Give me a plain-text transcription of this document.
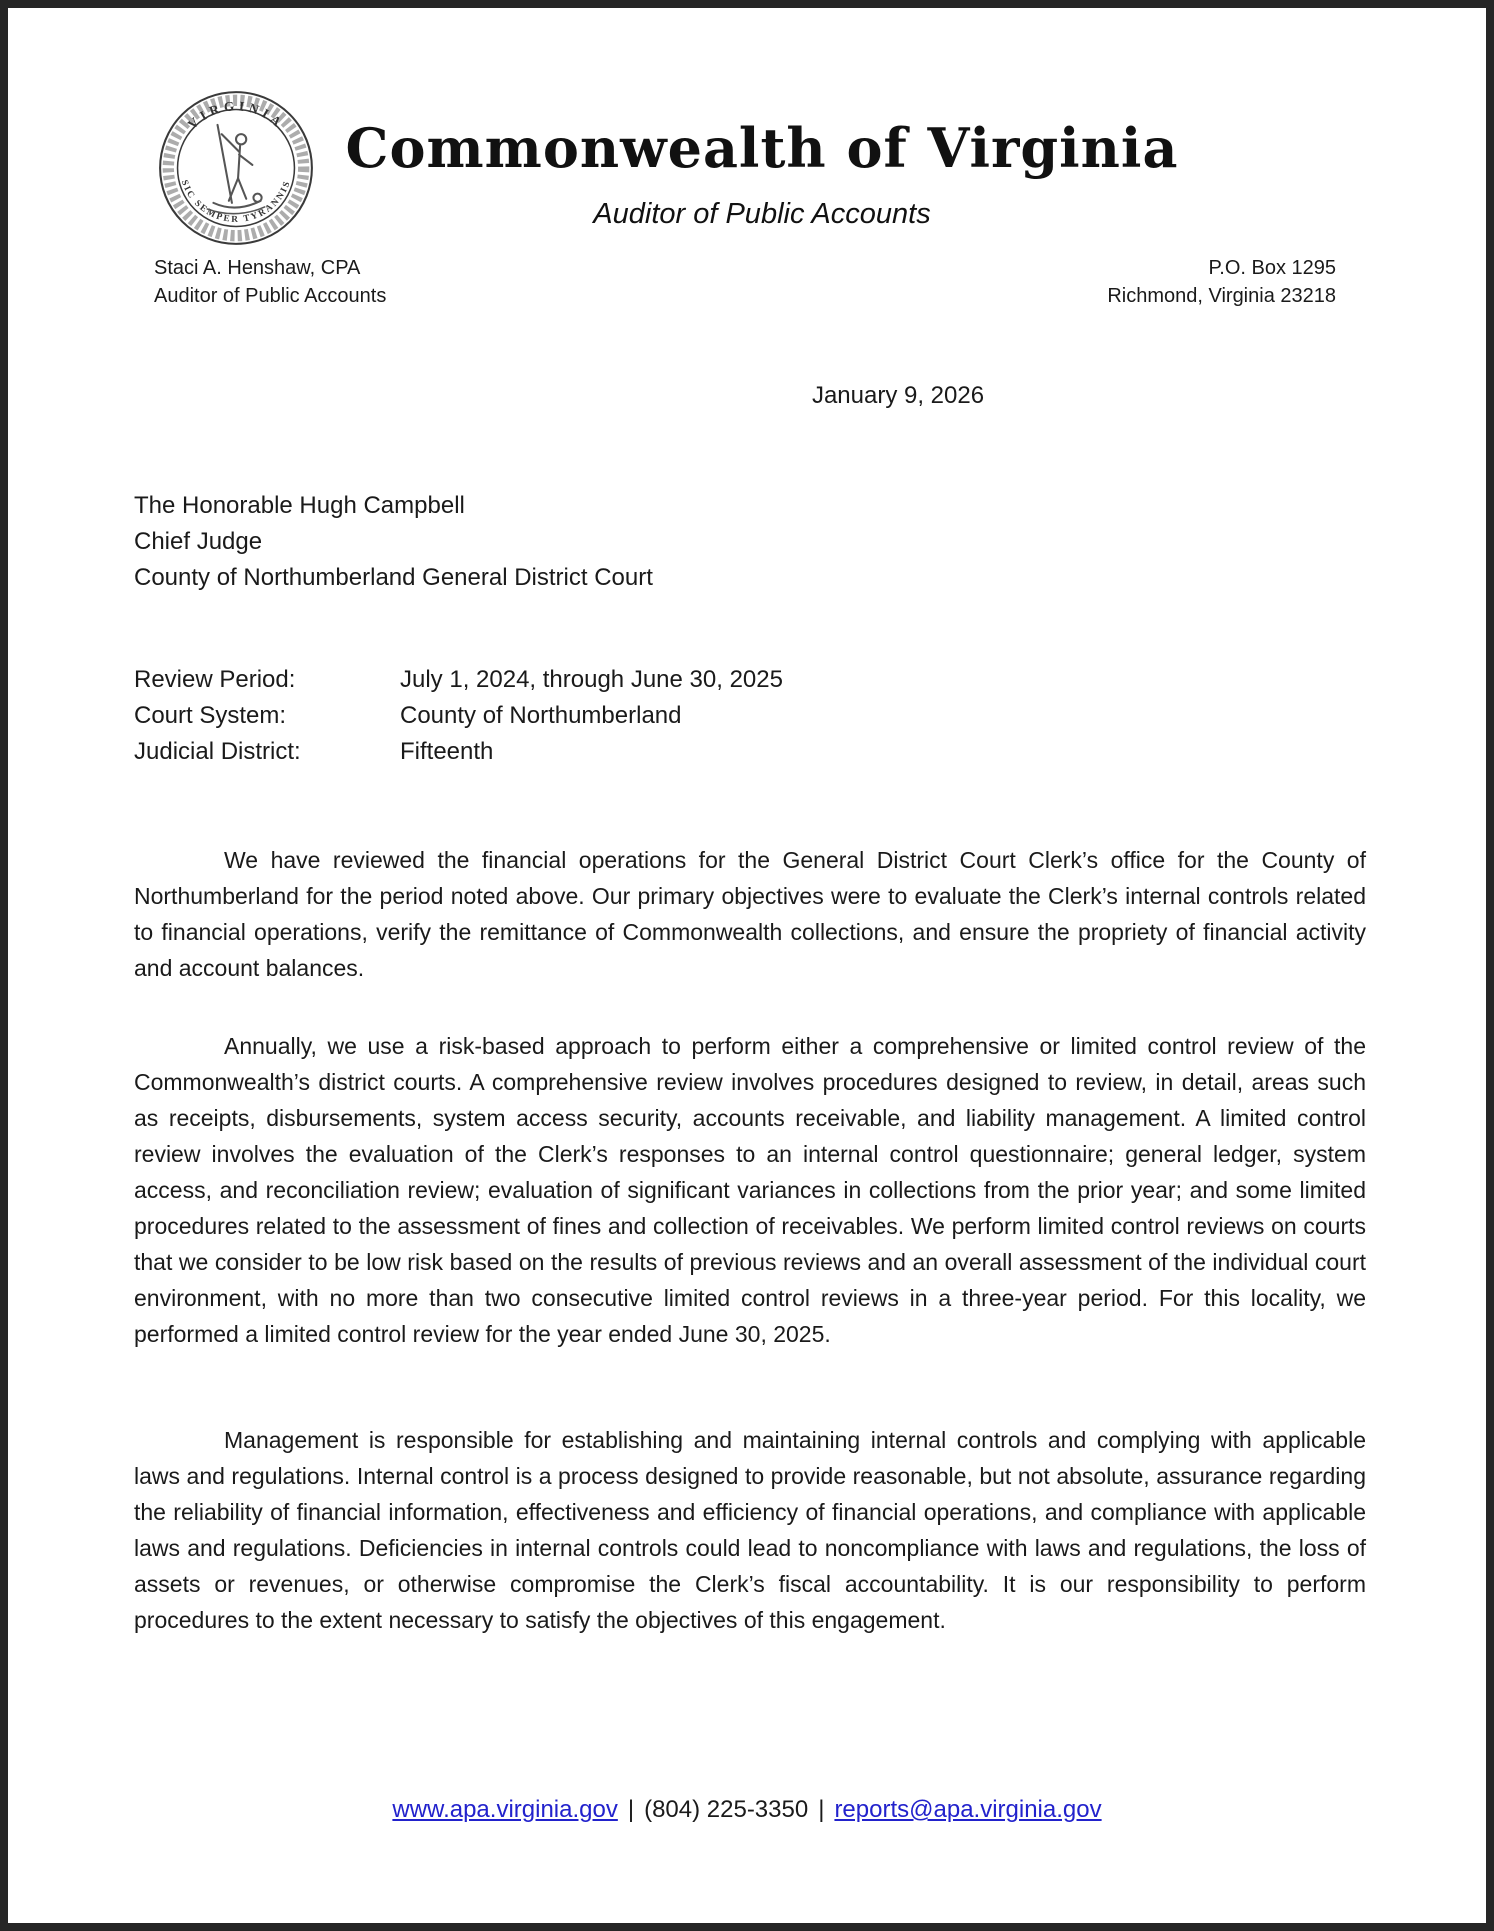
VIRGINIA
SIC SEMPER TYRANNIS
Commonwealth of Virginia
Auditor of Public Accounts
Staci A. Henshaw, CPA
Auditor of Public Accounts
P.O. Box 1295
Richmond, Virginia 23218
January 9, 2026
The Honorable Hugh Campbell
Chief Judge
County of Northumberland General District Court
Review Period:	July 1, 2024, through June 30, 2025
Court System:	County of Northumberland
Judicial District:	Fifteenth
We have reviewed the financial operations for the General District Court Clerk’s office for the County of Northumberland for the period noted above. Our primary objectives were to evaluate the Clerk’s internal controls related to financial operations, verify the remittance of Commonwealth collections, and ensure the propriety of financial activity and account balances.
Annually, we use a risk-based approach to perform either a comprehensive or limited control review of the Commonwealth’s district courts. A comprehensive review involves procedures designed to review, in detail, areas such as receipts, disbursements, system access security, accounts receivable, and liability management. A limited control review involves the evaluation of the Clerk’s responses to an internal control questionnaire; general ledger, system access, and reconciliation review; evaluation of significant variances in collections from the prior year; and some limited procedures related to the assessment of fines and collection of receivables. We perform limited control reviews on courts that we consider to be low risk based on the results of previous reviews and an overall assessment of the individual court environment, with no more than two consecutive limited control reviews in a three-year period. For this locality, we performed a limited control review for the year ended June 30, 2025.
Management is responsible for establishing and maintaining internal controls and complying with applicable laws and regulations. Internal control is a process designed to provide reasonable, but not absolute, assurance regarding the reliability of financial information, effectiveness and efficiency of financial operations, and compliance with applicable laws and regulations. Deficiencies in internal controls could lead to noncompliance with laws and regulations, the loss of assets or revenues, or otherwise compromise the Clerk’s fiscal accountability. It is our responsibility to perform procedures to the extent necessary to satisfy the objectives of this engagement.
www.apa.virginia.gov | (804) 225-3350 | reports@apa.virginia.gov
